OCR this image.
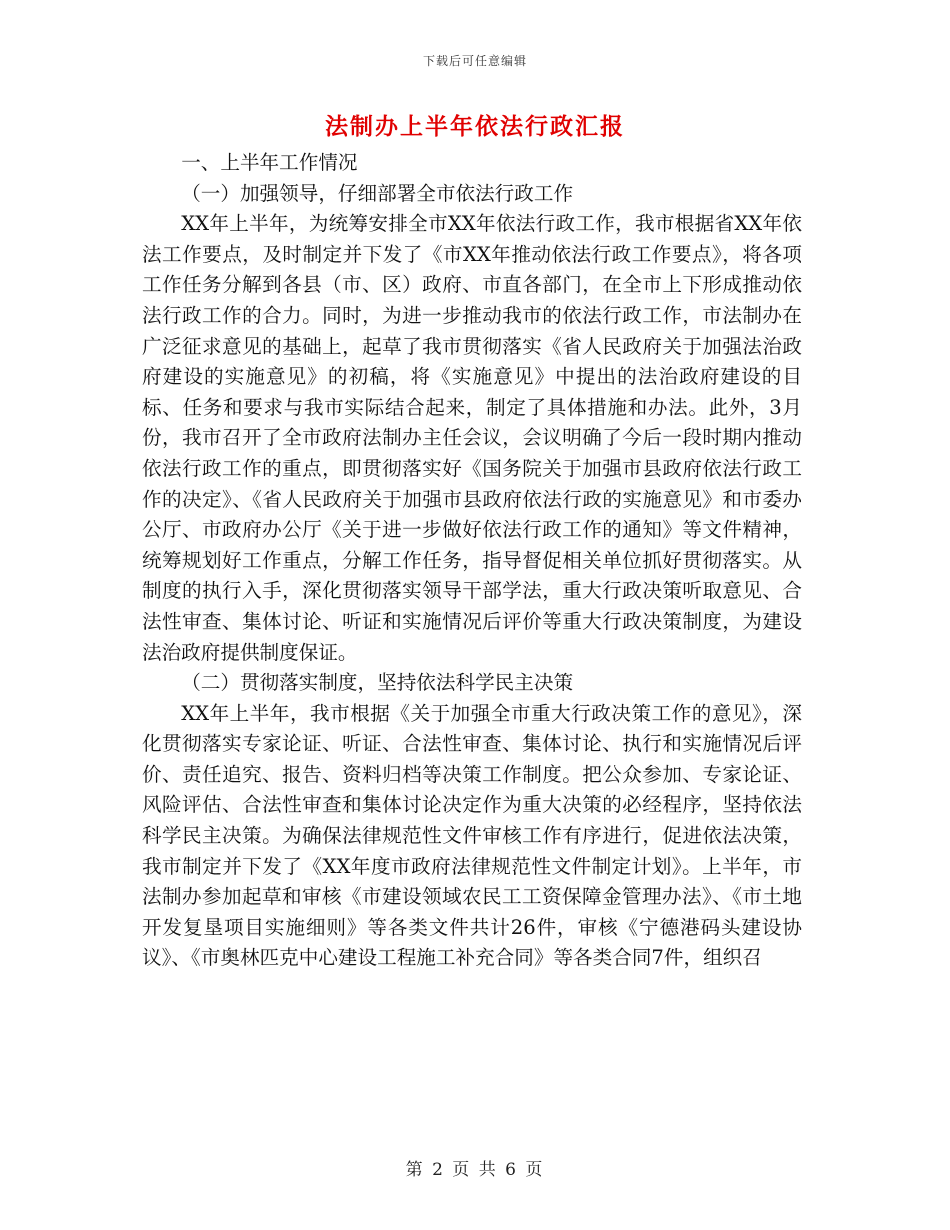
下载后可任意编辑
法制办上半年依法行政汇报

一、上半年工作情况

（一）加强领导，仔细部署全市依法行政工作

XX年上半年，为统筹安排全市XX年依法行政工作，我市根据省XX年依法工作要点，及时制定并下发了《市XX年推动依法行政工作要点》，将各项工作任务分解到各县（市、区）政府、市直各部门，在全市上下形成推动依法行政工作的合力。同时，为进一步推动我市的依法行政工作，市法制办在广泛征求意见的基础上，起草了我市贯彻落实《省人民政府关于加强法治政府建设的实施意见》的初稿，将《实施意见》中提出的法治政府建设的目标、任务和要求与我市实际结合起来，制定了具体措施和办法。此外，3月份，我市召开了全市政府法制办主任会议，会议明确了今后一段时期内推动依法行政工作的重点，即贯彻落实好《国务院关于加强市县政府依法行政工作的决定》、《省人民政府关于加强市县政府依法行政的实施意见》和市委办公厅、市政府办公厅《关于进一步做好依法行政工作的通知》等文件精神，统筹规划好工作重点，分解工作任务，指导督促相关单位抓好贯彻落实。从制度的执行入手，深化贯彻落实领导干部学法，重大行政决策听取意见、合法性审查、集体讨论、听证和实施情况后评价等重大行政决策制度，为建设法治政府提供制度保证。

（二）贯彻落实制度，坚持依法科学民主决策

XX年上半年，我市根据《关于加强全市重大行政决策工作的意见》，深化贯彻落实专家论证、听证、合法性审查、集体讨论、执行和实施情况后评价、责任追究、报告、资料归档等决策工作制度。把公众参加、专家论证、风险评估、合法性审查和集体讨论决定作为重大决策的必经程序，坚持依法科学民主决策。为确保法律规范性文件审核工作有序进行，促进依法决策，我市制定并下发了《XX年度市政府法律规范性文件制定计划》。上半年，市法制办参加起草和审核《市建设领域农民工工资保障金管理办法》、《市土地开发复垦项目实施细则》等各类文件共计26件，审核《宁德港码头建设协议》、《市奥林匹克中心建设工程施工补充合同》等各类合同7件，组织召

第 2 页 共 6 页
